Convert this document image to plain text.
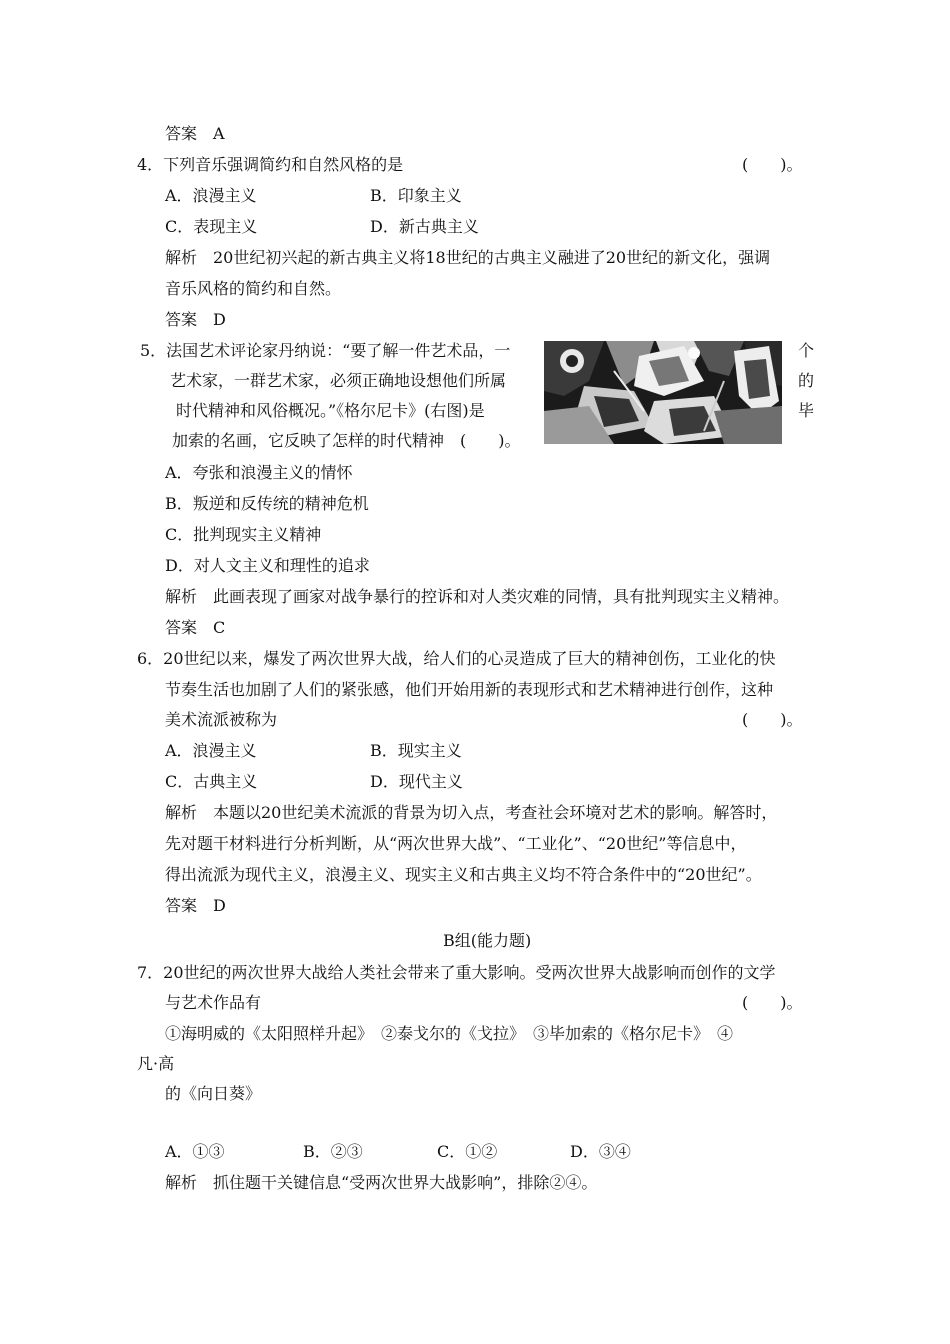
答案　A
4．下列音乐强调简约和自然风格的是	(　　)。
A．浪漫主义	B．印象主义
C．表现主义	D．新古典主义
解析　20世纪初兴起的新古典主义将18世纪的古典主义融进了20世纪的新文化，强调
音乐风格的简约和自然。
答案　D
5．法国艺术评论家丹纳说：“要了解一件艺术品，一	个
艺术家，一群艺术家，必须正确地设想他们所属	的
时代精神和风俗概况。”《格尔尼卡》(右图)是	毕
加索的名画，它反映了怎样的时代精神　(　　)。
A．夸张和浪漫主义的情怀
B．叛逆和反传统的精神危机
C．批判现实主义精神
D．对人文主义和理性的追求
解析　此画表现了画家对战争暴行的控诉和对人类灾难的同情，具有批判现实主义精神。
答案　C
6．20世纪以来，爆发了两次世界大战，给人们的心灵造成了巨大的精神创伤，工业化的快
节奏生活也加剧了人们的紧张感，他们开始用新的表现形式和艺术精神进行创作，这种
美术流派被称为	(　　)。
A．浪漫主义	B．现实主义
C．古典主义	D．现代主义
解析　本题以20世纪美术流派的背景为切入点，考查社会环境对艺术的影响。解答时，
先对题干材料进行分析判断，从“两次世界大战”、“工业化”、“20世纪”等信息中，
得出流派为现代主义，浪漫主义、现实主义和古典主义均不符合条件中的“20世纪”。
答案　D
B组(能力题)
7．20世纪的两次世界大战给人类社会带来了重大影响。受两次世界大战影响而创作的文学
与艺术作品有	(　　)。
①海明威的《太阳照样升起》　②泰戈尔的《戈拉》　③毕加索的《格尔尼卡》　④
凡·高
的《向日葵》
A．①③	B．②③	C．①②	D．③④
解析　抓住题干关键信息“受两次世界大战影响”，排除②④。
